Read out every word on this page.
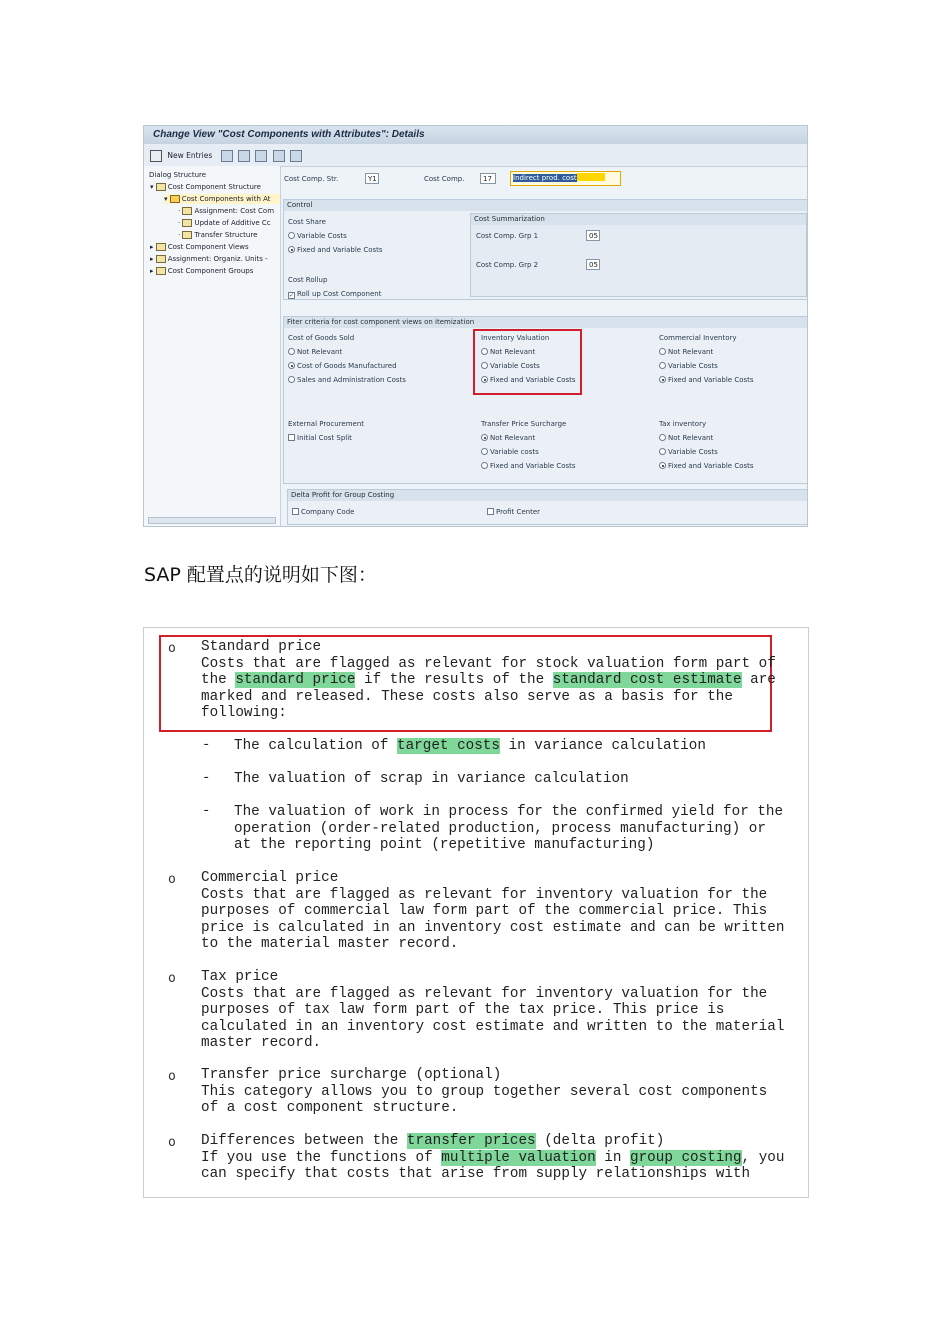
Change View "Cost Components with Attributes": Details
New Entries
Dialog Structure
▾ Cost Component Structure
▾ Cost Components with At
· Assignment: Cost Com
· Update of Additive Cc
· Transfer Structure
▸ Cost Component Views
▸ Assignment: Organiz. Units -
▸ Cost Component Groups
Cost Comp. Str.	Y1	Cost Comp.	17	Indirect prod. cost
Control
Cost Share
Variable Costs
Fixed and Variable Costs
Cost Rollup
✓ Roll up Cost Component
Cost Summarization
Cost Comp. Grp 1	05
Cost Comp. Grp 2	05
Fiter criteria for cost component views on itemization
Cost of Goods Sold
Not Relevant
Cost of Goods Manufactured
Sales and Administration Costs
Inventory Valuation
Not Relevant
Variable Costs
Fixed and Variable Costs
Commercial Inventory
Not Relevant
Variable Costs
Fixed and Variable Costs
External Procurement
Initial Cost Split
Transfer Price Surcharge
Not Relevant
Variable costs
Fixed and Variable Costs
Tax inventory
Not Relevant
Variable Costs
Fixed and Variable Costs
Delta Profit for Group Costing
Company Code	Profit Center
SAP 配置点的说明如下图：
o Standard price
Costs that are flagged as relevant for stock valuation form part of
the standard price if the results of the standard cost estimate are
marked and released. These costs also serve as a basis for the
following:
- The calculation of target costs in variance calculation
- The valuation of scrap in variance calculation
- The valuation of work in process for the confirmed yield for the
operation (order-related production, process manufacturing) or
at the reporting point (repetitive manufacturing)
o Commercial price
Costs that are flagged as relevant for inventory valuation for the
purposes of commercial law form part of the commercial price. This
price is calculated in an inventory cost estimate and can be written
to the material master record.
o Tax price
Costs that are flagged as relevant for inventory valuation for the
purposes of tax law form part of the tax price. This price is
calculated in an inventory cost estimate and written to the material
master record.
o Transfer price surcharge (optional)
This category allows you to group together several cost components
of a cost component structure.
o Differences between the transfer prices (delta profit)
If you use the functions of multiple valuation in group costing, you
can specify that costs that arise from supply relationships with
